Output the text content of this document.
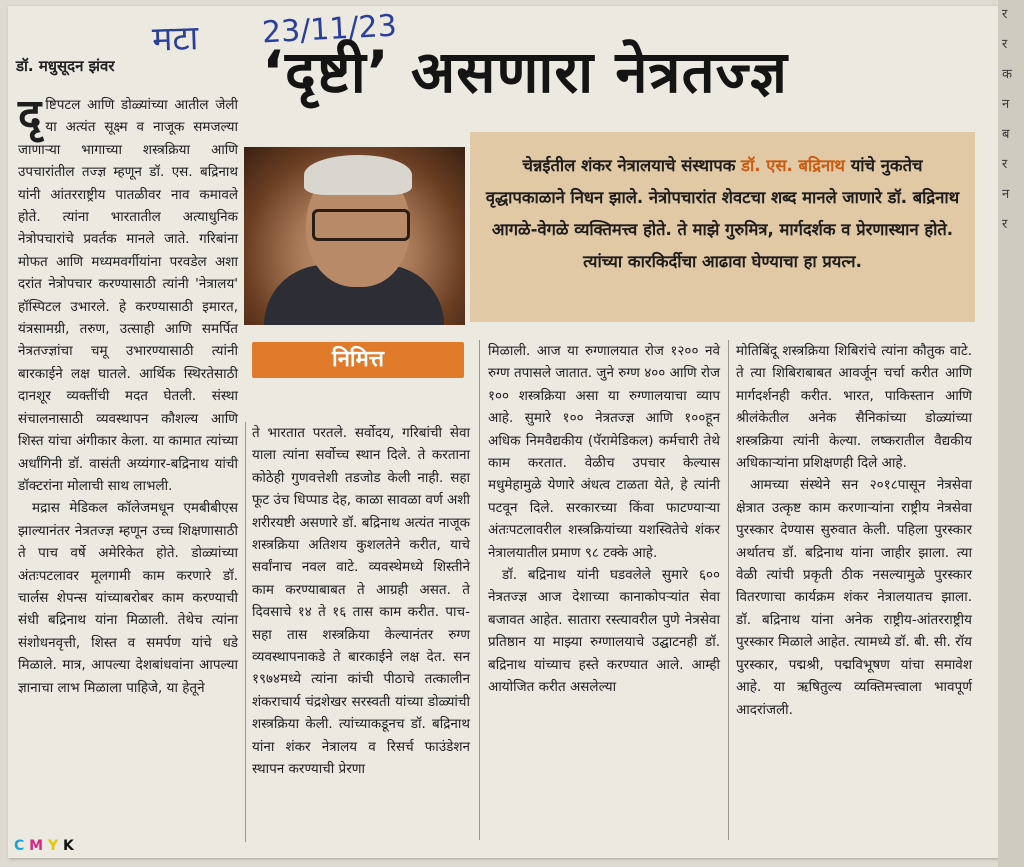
र
र
क
न
ब
र
न
र
मटा 23/11/23
डॉ. मधुसूदन झंवर	‘दृष्टी’ असणारा नेत्रतज्ज्ञ

चेन्नईतील शंकर नेत्रालयाचे संस्थापक डॉ. एस. बद्रिनाथ यांचे नुकतेच वृद्धापकाळाने निधन झाले. नेत्रोपचारांत शेवटचा शब्द मानले जाणारे डॉ. बद्रिनाथ आगळे-वेगळे व्यक्तिमत्त्व होते. ते माझे गुरुमित्र, मार्गदर्शक व प्रेरणास्थान होते. त्यांच्या कारकिर्दीचा आढावा घेण्याचा हा प्रयत्न.

निमित्त

दृष्टिपटल आणि डोळ्यांच्या आतील जेली या अत्यंत सूक्ष्म व नाजूक समजल्या जाणाऱ्या भागाच्या शस्त्रक्रिया आणि उपचारांतील तज्ज्ञ म्हणून डॉ. एस. बद्रिनाथ यांनी आंतरराष्ट्रीय पातळीवर नाव कमावले होते. त्यांना भारतातील अत्याधुनिक नेत्रोपचारांचे प्रवर्तक मानले जाते. गरिबांना मोफत आणि मध्यमवर्गीयांना परवडेल अशा दरांत नेत्रोपचार करण्यासाठी त्यांनी 'नेत्रालय' हॉस्पिटल उभारले. हे करण्यासाठी इमारत, यंत्रसामग्री, तरुण, उत्साही आणि समर्पित नेत्रतज्ज्ञांचा चमू उभारण्यासाठी त्यांनी बारकाईने लक्ष घातले. आर्थिक स्थिरतेसाठी दानशूर व्यक्तींची मदत घेतली. संस्था संचालनासाठी व्यवस्थापन कौशल्य आणि शिस्त यांचा अंगीकार केला. या कामात त्यांच्या अर्धांगिनी डॉ. वासंती अय्यंगार-बद्रिनाथ यांची डॉक्टरांना मोलाची साथ लाभली.

मद्रास मेडिकल कॉलेजमधून एमबीबीएस झाल्यानंतर नेत्रतज्ज्ञ म्हणून उच्च शिक्षणासाठी ते पाच वर्षे अमेरिकेत होते. डोळ्यांच्या अंतःपटलावर मूलगामी काम करणारे डॉ. चार्लस शेपन्स यांच्याबरोबर काम करण्याची संधी बद्रिनाथ यांना मिळाली. तेथेच त्यांना संशोधनवृत्ती, शिस्त व समर्पण यांचे धडे मिळाले. मात्र, आपल्या देशबांधवांना आपल्या ज्ञानाचा लाभ मिळाला पाहिजे, या हेतूने

ते भारतात परतले. सर्वोदय, गरिबांची सेवा याला त्यांना सर्वोच्च स्थान दिले. ते करताना कोठेही गुणवत्तेशी तडजोड केली नाही. सहा फूट उंच धिप्पाड देह, काळा सावळा वर्ण अशी शरीरयष्टी असणारे डॉ. बद्रिनाथ अत्यंत नाजूक शस्त्रक्रिया अतिशय कुशलतेने करीत, याचे सर्वांनाच नवल वाटे. व्यवस्थेमध्ये शिस्तीने काम करण्याबाबत ते आग्रही असत. ते दिवसाचे १४ ते १६ तास काम करीत. पाच-सहा तास शस्त्रक्रिया केल्यानंतर रुग्ण व्यवस्थापनाकडे ते बारकाईने लक्ष देत. सन १९७४मध्ये त्यांना कांची पीठाचे तत्कालीन शंकराचार्य चंद्रशेखर सरस्वती यांच्या डोळ्यांची शस्त्रक्रिया केली. त्यांच्याकडूनच डॉ. बद्रिनाथ यांना शंकर नेत्रालय व रिसर्च फाउंडेशन स्थापन करण्याची प्रेरणा

मिळाली. आज या रुग्णालयात रोज १२०० नवे रुग्ण तपासले जातात. जुने रुग्ण ४०० आणि रोज १०० शस्त्रक्रिया असा या रुग्णालयाचा व्याप आहे. सुमारे १०० नेत्रतज्ज्ञ आणि १००हून अधिक निमवैद्यकीय (पॅरामेडिकल) कर्मचारी तेथे काम करतात. वेळीच उपचार केल्यास मधुमेहामुळे येणारे अंधत्व टाळता येते, हे त्यांनी पटवून दिले. सरकारच्या किंवा फाटण्याऱ्या अंतःपटलावरील शस्त्रक्रियांच्या यशस्वितेचे शंकर नेत्रालयातील प्रमाण ९८ टक्के आहे.

डॉ. बद्रिनाथ यांनी घडवलेले सुमारे ६०० नेत्रतज्ज्ञ आज देशाच्या कानाकोपऱ्यांत सेवा बजावत आहेत. सातारा रस्त्यावरील पुणे नेत्रसेवा प्रतिष्ठान या माझ्या रुग्णालयाचे उद्घाटनही डॉ. बद्रिनाथ यांच्याच हस्ते करण्यात आले. आम्ही आयोजित करीत असलेल्या

मोतिबिंदू शस्त्रक्रिया शिबिरांचे त्यांना कौतुक वाटे. ते त्या शिबिराबाबत आवर्जून चर्चा करीत आणि मार्गदर्शनही करीत. भारत, पाकिस्तान आणि श्रीलंकेतील अनेक सैनिकांच्या डोळ्यांच्या शस्त्रक्रिया त्यांनी केल्या. लष्करातील वैद्यकीय अधिकाऱ्यांना प्रशिक्षणही दिले आहे.

आमच्या संस्थेने सन २०१८पासून नेत्रसेवा क्षेत्रात उत्कृष्ट काम करणाऱ्यांना राष्ट्रीय नेत्रसेवा पुरस्कार देण्यास सुरुवात केली. पहिला पुरस्कार अर्थातच डॉ. बद्रिनाथ यांना जाहीर झाला. त्या वेळी त्यांची प्रकृती ठीक नसल्यामुळे पुरस्कार वितरणाचा कार्यक्रम शंकर नेत्रालयातच झाला. डॉ. बद्रिनाथ यांना अनेक राष्ट्रीय-आंतरराष्ट्रीय पुरस्कार मिळाले आहेत. त्यामध्ये डॉ. बी. सी. रॉय पुरस्कार, पद्मश्री, पद्मविभूषण यांचा समावेश आहे. या ऋषितुल्य व्यक्तिमत्त्वाला भावपूर्ण आदरांजली.

C M Y K
